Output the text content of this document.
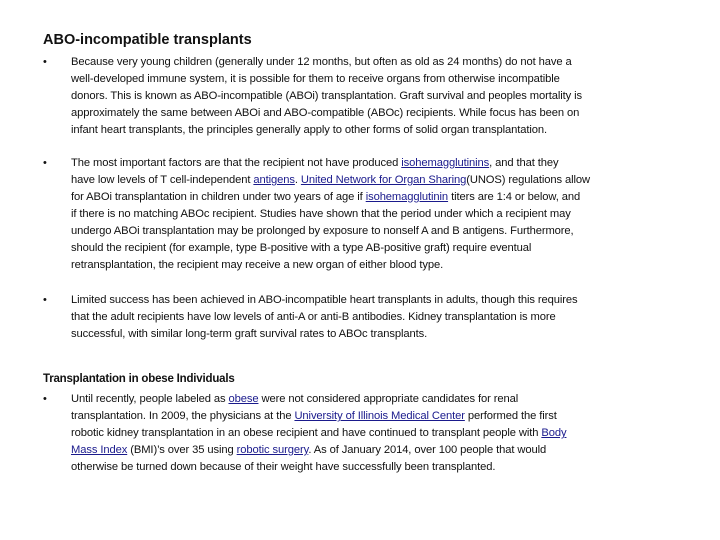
ABO-incompatible transplants
• Because very young children (generally under 12 months, but often as old as 24 months) do not have a
well-developed immune system, it is possible for them to receive organs from otherwise incompatible
donors. This is known as ABO-incompatible (ABOi) transplantation. Graft survival and peoples mortality is
approximately the same between ABOi and ABO-compatible (ABOc) recipients. While focus has been on
infant heart transplants, the principles generally apply to other forms of solid organ transplantation.
• The most important factors are that the recipient not have produced isohemagglutinins, and that they
have low levels of T cell-independent antigens. United Network for Organ Sharing(UNOS) regulations allow
for ABOi transplantation in children under two years of age if isohemagglutinin titers are 1:4 or below, and
if there is no matching ABOc recipient. Studies have shown that the period under which a recipient may
undergo ABOi transplantation may be prolonged by exposure to nonself A and B antigens. Furthermore,
should the recipient (for example, type B-positive with a type AB-positive graft) require eventual
retransplantation, the recipient may receive a new organ of either blood type.
• Limited success has been achieved in ABO-incompatible heart transplants in adults, though this requires
that the adult recipients have low levels of anti-A or anti-B antibodies. Kidney transplantation is more
successful, with similar long-term graft survival rates to ABOc transplants.
Transplantation in obese Individuals
• Until recently, people labeled as obese were not considered appropriate candidates for renal
transplantation. In 2009, the physicians at the University of Illinois Medical Center performed the first
robotic kidney transplantation in an obese recipient and have continued to transplant people with Body
Mass Index (BMI)’s over 35 using robotic surgery. As of January 2014, over 100 people that would
otherwise be turned down because of their weight have successfully been transplanted.
